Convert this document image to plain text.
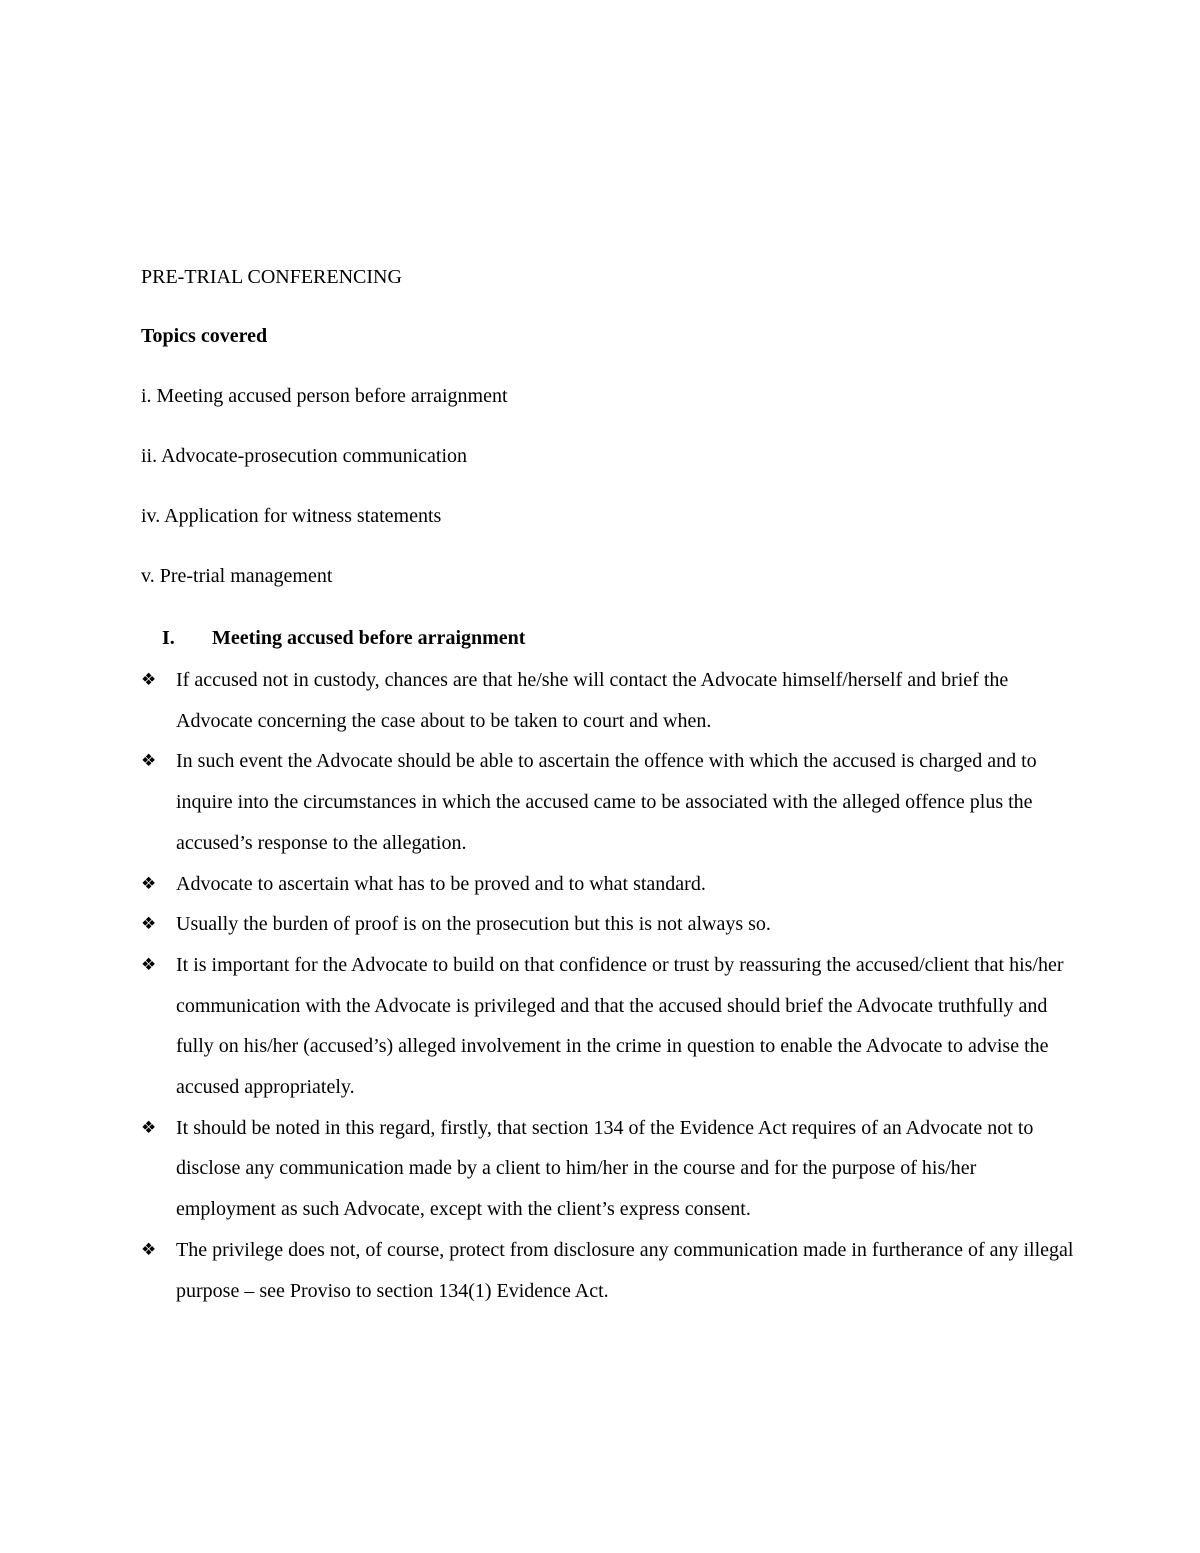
PRE-TRIAL CONFERENCING
Topics covered
i. Meeting accused person before arraignment
ii. Advocate-prosecution communication
iv. Application for witness statements
v. Pre-trial management
I. Meeting accused before arraignment
❖ If accused not in custody, chances are that he/she will contact the Advocate himself/herself and brief the Advocate concerning the case about to be taken to court and when.
❖ In such event the Advocate should be able to ascertain the offence with which the accused is charged and to inquire into the circumstances in which the accused came to be associated with the alleged offence plus the accused’s response to the allegation.
❖ Advocate to ascertain what has to be proved and to what standard.
❖ Usually the burden of proof is on the prosecution but this is not always so.
❖ It is important for the Advocate to build on that confidence or trust by reassuring the accused/client that his/her communication with the Advocate is privileged and that the accused should brief the Advocate truthfully and fully on his/her (accused’s) alleged involvement in the crime in question to enable the Advocate to advise the accused appropriately.
❖ It should be noted in this regard, firstly, that section 134 of the Evidence Act requires of an Advocate not to disclose any communication made by a client to him/her in the course and for the purpose of his/her employment as such Advocate, except with the client’s express consent.
❖ The privilege does not, of course, protect from disclosure any communication made in furtherance of any illegal purpose – see Proviso to section 134(1) Evidence Act.
